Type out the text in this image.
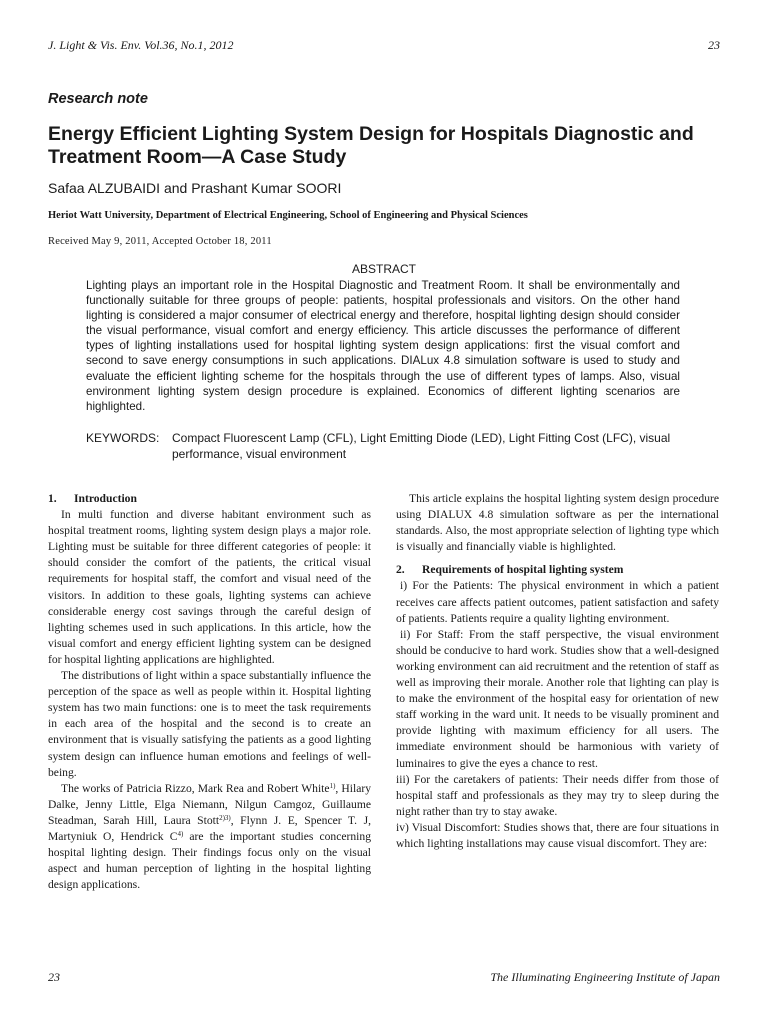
J. Light & Vis. Env. Vol.36, No.1, 2012	23
Research note
Energy Efficient Lighting System Design for Hospitals Diagnostic and Treatment Room—A Case Study
Safaa ALZUBAIDI and Prashant Kumar SOORI
Heriot Watt University, Department of Electrical Engineering, School of Engineering and Physical Sciences
Received May 9, 2011, Accepted October 18, 2011
ABSTRACT

Lighting plays an important role in the Hospital Diagnostic and Treatment Room. It shall be environmentally and functionally suitable for three groups of people: patients, hospital professionals and visitors. On the other hand lighting is considered a major consumer of electrical energy and therefore, hospital lighting design should consider the visual performance, visual comfort and energy efficiency. This article discusses the performance of different types of lighting installations used for hospital lighting system design applications: first the visual comfort and second to save energy consumptions in such applications. DIALux 4.8 simulation software is used to study and evaluate the efficient lighting scheme for the hospitals through the use of different types of lamps. Also, visual environment lighting system design procedure is explained. Economics of different lighting scenarios are highlighted.

KEYWORDS: Compact Fluorescent Lamp (CFL), Light Emitting Diode (LED), Light Fitting Cost (LFC), visual performance, visual environment
1. Introduction

In multi function and diverse habitant environment such as hospital treatment rooms, lighting system design plays a major role. Lighting must be suitable for three different categories of people: it should consider the comfort of the patients, the critical visual requirements for hospital staff, the comfort and visual need of the visitors. In addition to these goals, lighting systems can achieve considerable energy cost savings through the careful design of lighting schemes used in such applications. In this article, how the visual comfort and energy efficient lighting system can be designed for hospital lighting applications are highlighted.

The distributions of light within a space substantially influence the perception of the space as well as people within it. Hospital lighting system has two main functions: one is to meet the task requirements in each area of the hospital and the second is to create an environment that is visually satisfying the patients as a good lighting system design can influence human emotions and feelings of well-being.

The works of Patricia Rizzo, Mark Rea and Robert White$^{1)}$, Hilary Dalke, Jenny Little, Elga Niemann, Nilgun Camgoz, Guillaume Steadman, Sarah Hill, Laura Stott$^{2)3)}$, Flynn J. E, Spencer T. J, Martyniuk O, Hendrick $C^{4)}$ are the important studies concerning hospital lighting design. Their findings focus only on the visual aspect and human perception of lighting in the hospital lighting design applications.

This article explains the hospital lighting system design procedure using DIALUX 4.8 simulation software as per the international standards. Also, the most appropriate selection of lighting type which is visually and financially viable is highlighted.

2. Requirements of hospital lighting system

i) For the Patients: The physical environment in which a patient receives care affects patient outcomes, patient satisfaction and safety of patients. Patients require a quality lighting environment.

ii) For Staff: From the staff perspective, the visual environment should be conducive to hard work. Studies show that a well-designed working environment can aid recruitment and the retention of staff as well as improving their morale. Another role that lighting can play is to make the environment of the hospital easy for orientation of new staff working in the ward unit. It needs to be visually prominent and provide lighting with maximum efficiency for all users. The immediate environment should be harmonious with variety of luminaires to give the eyes a chance to rest.

iii) For the caretakers of patients: Their needs differ from those of hospital staff and professionals as they may try to sleep during the night rather than try to stay awake.

iv) Visual Discomfort: Studies shows that, there are four situations in which lighting installations may cause visual discomfort. They are:

23	The Illuminating Engineering Institute of Japan
